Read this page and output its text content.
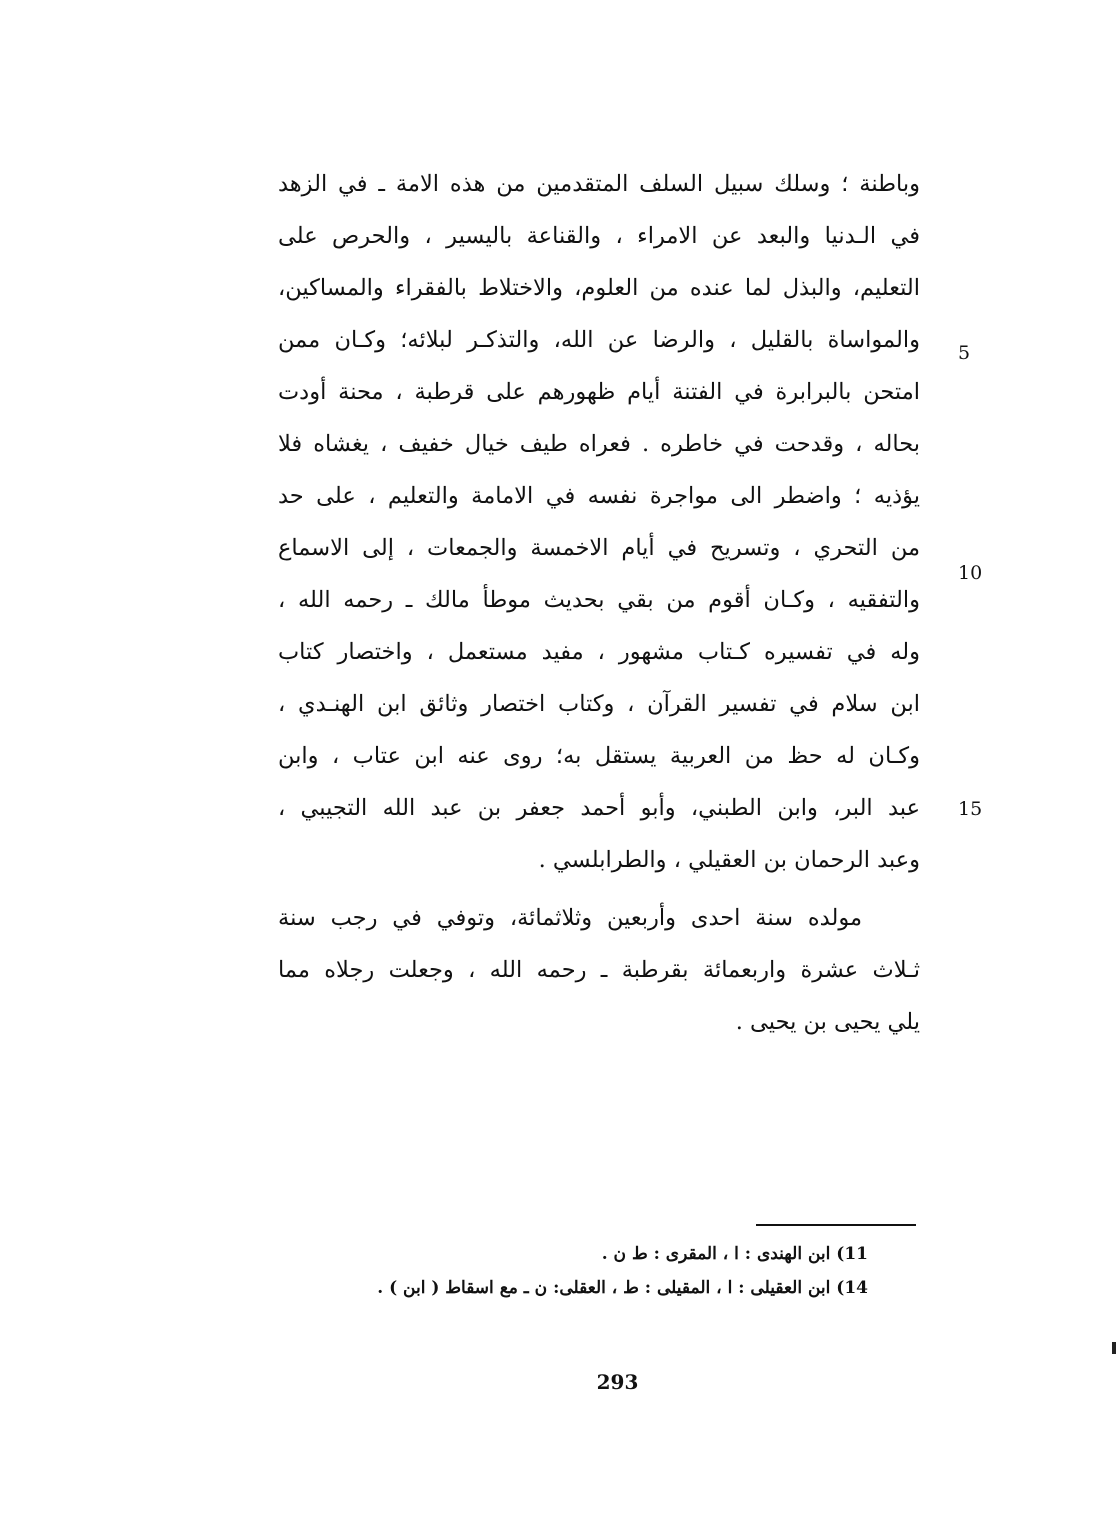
وباطنة ؛ وسلك سبيل السلف المتقدمين من هذه الامة ـ في الزهد
في الـدنيا والبعد عن الامراء ، والقناعة باليسير ، والحرص على
التعليم، والبذل لما عنده من العلوم، والاختلاط بالفقراء والمساكين،
والمواساة بالقليل ، والرضا عن الله، والتذكـر لبلائه؛ وكـان ممن
امتحن بالبرابرة في الفتنة أيام ظهورهم على قرطبة ، محنة أودت
بحاله ، وقدحت في خاطره . فعراه طيف خيال خفيف ، يغشاه فلا
يؤذيه ؛ واضطر الى مواجرة نفسه في الامامة والتعليم ، على حد
من التحري ، وتسريح في أيام الاخمسة والجمعات ، إلى الاسماع
والتفقيه ، وكـان أقوم من بقي بحديث موطأ مالك ـ رحمه الله ،
وله في تفسيره كـتاب مشهور ، مفيد مستعمل ، واختصار كتاب
ابن سلام في تفسير القرآن ، وكتاب اختصار وثائق ابن الهنـدي ،
وكـان له حظ من العربية يستقل به؛ روى عنه ابن عتاب ، وابن
عبد البر، وابن الطبني، وأبو أحمد جعفر بن عبد الله التجيبي ،
وعبد الرحمان بن العقيلي ، والطرابلسي .
مولده سنة احدى وأربعين وثلاثمائة، وتوفي في رجب سنة
ثـلاث عشرة واربعمائة بقرطبة ـ رحمه الله ، وجعلت رجلاه مما
يلي يحيى بن يحيى .
5
10
15
11) ابن الهندى : ا ، المقرى : ط ن .
14) ابن العقيلى : ا ، المقيلى : ط ، العقلى: ن ـ مع اسقاط ( ابن ) .
293
